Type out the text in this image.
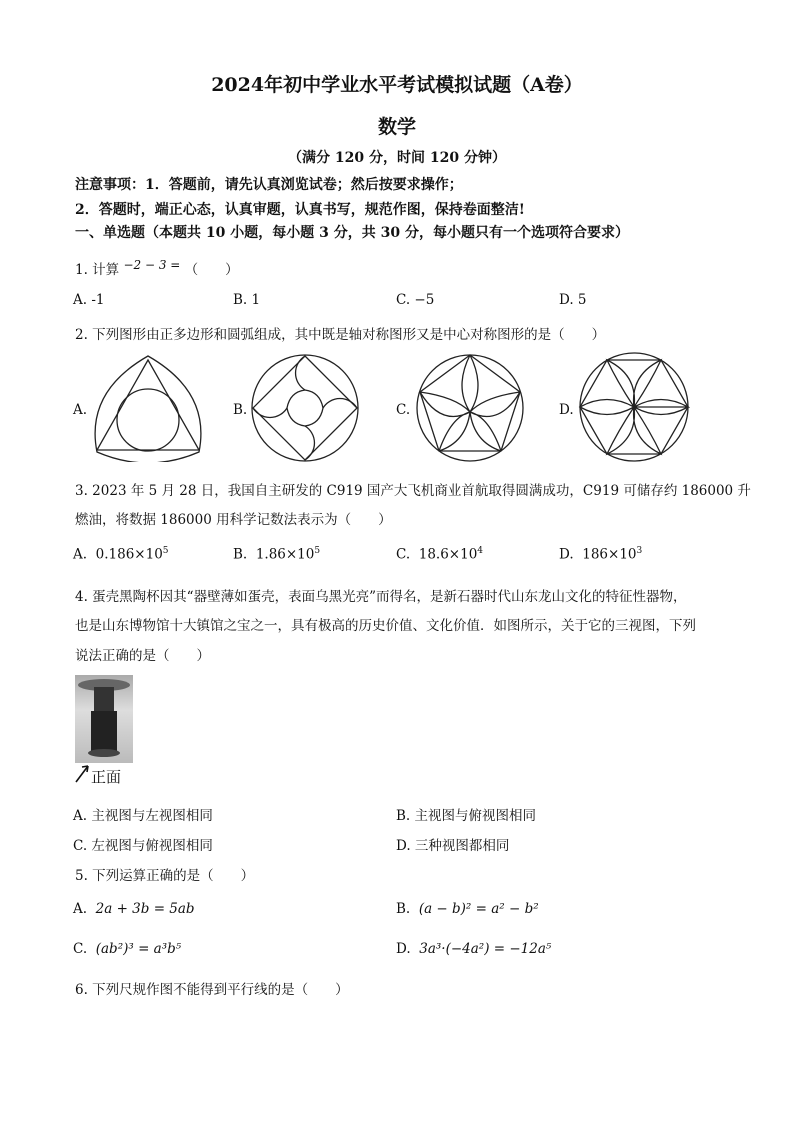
2024年初中学业水平考试模拟试题（A卷）
数学
（满分 120 分，时间 120 分钟）
注意事项：1．答题前，请先认真浏览试卷；然后按要求操作；
2．答题时，端正心态，认真审题，认真书写，规范作图，保持卷面整洁!
一、单选题（本题共 10 小题，每小题 3 分，共 30 分，每小题只有一个选项符合要求）
1. 计算 −2 − 3 = （　　）
A. -1	B. 1	C. −5	D. 5
2. 下列图形由正多边形和圆弧组成，其中既是轴对称图形又是中心对称图形的是（　　）
A.	B.	C.	D.
3. 2023 年 5 月 28 日，我国自主研发的 C919 国产大飞机商业首航取得圆满成功，C919 可储存约 186000 升
燃油，将数据 186000 用科学记数法表示为（　　）
A. $0.186\times 10^5$	B. $1.86\times 10^5$	C. $18.6\times 10^4$	D. $186\times 10^3$
4. 蛋壳黑陶杯因其“器壁薄如蛋壳，表面乌黑光亮”而得名，是新石器时代山东龙山文化的特征性器物，
也是山东博物馆十大镇馆之宝之一，具有极高的历史价值、文化价值．如图所示，关于它的三视图，下列
说法正确的是（　　）
正面
A. 主视图与左视图相同	B. 主视图与俯视图相同
C. 左视图与俯视图相同	D. 三种视图都相同
5. 下列运算正确的是（　　）
A. 2a + 3b = 5ab	B. (a − b)² = a² − b²
C. (ab²)³ = a³b⁵	D. 3a³·(−4a²) = −12a⁵
6. 下列尺规作图不能得到平行线的是（　　）
